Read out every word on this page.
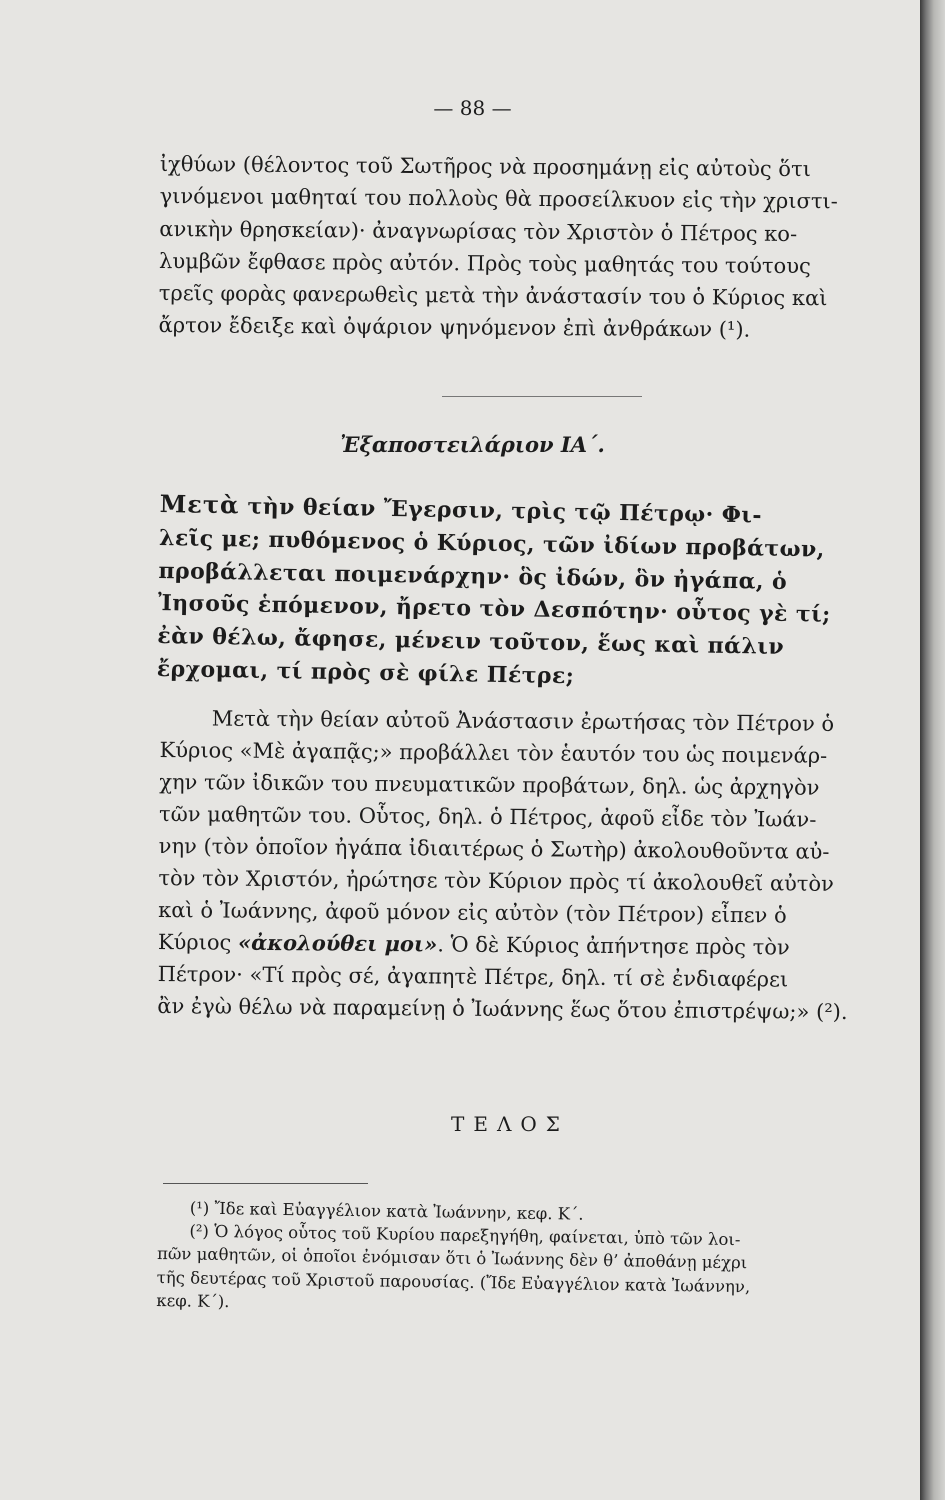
— 88 —
ἰχθύων (θέλοντος τοῦ Σωτῆρος νὰ προσημάνῃ εἰς αὐτοὺς ὅτι
γινόμενοι μαθηταί του πολλοὺς θὰ προσείλκυον εἰς τὴν χριστι-
ανικὴν θρησκείαν)· ἀναγνωρίσας τὸν Χριστὸν ὁ Πέτρος κο-
λυμβῶν ἔφθασε πρὸς αὐτόν. Πρὸς τοὺς μαθητάς του τούτους
τρεῖς φορὰς φανερωθεὶς μετὰ τὴν ἀνάστασίν του ὁ Κύριος καὶ
ἄρτον ἔδειξε καὶ ὀψάριον ψηνόμενον ἐπὶ ἀνθράκων (¹).
Ἐξαποστειλάριον ΙΑ΄.
Μετὰ τὴν θείαν Ἔγερσιν, τρὶς τῷ Πέτρῳ· Φι-
λεῖς με; πυθόμενος ὁ Κύριος, τῶν ἰδίων προβάτων,
προβάλλεται ποιμενάρχην· ὃς ἰδών, ὃν ἠγάπα, ὁ
Ἰησοῦς ἑπόμενον, ἤρετο τὸν Δεσπότην· οὗτος γὲ τί;
ἐὰν θέλω, ἄφησε, μένειν τοῦτον, ἕως καὶ πάλιν
ἔρχομαι, τί πρὸς σὲ φίλε Πέτρε;
Μετὰ τὴν θείαν αὐτοῦ Ἀνάστασιν ἐρωτήσας τὸν Πέτρον ὁ
Κύριος «Μὲ ἀγαπᾷς;» προβάλλει τὸν ἑαυτόν του ὡς ποιμενάρ-
χην τῶν ἰδικῶν του πνευματικῶν προβάτων, δηλ. ὡς ἀρχηγὸν
τῶν μαθητῶν του. Οὗτος, δηλ. ὁ Πέτρος, ἀφοῦ εἶδε τὸν Ἰωάν-
νην (τὸν ὁποῖον ἠγάπα ἰδιαιτέρως ὁ Σωτὴρ) ἀκολουθοῦντα αὐ-
τὸν τὸν Χριστόν, ἠρώτησε τὸν Κύριον πρὸς τί ἀκολουθεῖ αὐτὸν
καὶ ὁ Ἰωάννης, ἀφοῦ μόνον εἰς αὐτὸν (τὸν Πέτρον) εἶπεν ὁ
Κύριος «ἀκολούθει μοι». Ὁ δὲ Κύριος ἀπήντησε πρὸς τὸν
Πέτρον· «Τί πρὸς σέ, ἀγαπητὲ Πέτρε, δηλ. τί σὲ ἐνδιαφέρει
ἂν ἐγὼ θέλω νὰ παραμείνῃ ὁ Ἰωάννης ἕως ὅτου ἐπιστρέψω;» (²).
ΤΕΛΟΣ
(¹) Ἴδε καὶ Εὐαγγέλιον κατὰ Ἰωάννην, κεφ. Κ΄.
(²) Ὁ λόγος οὗτος τοῦ Κυρίου παρεξηγήθη, φαίνεται, ὑπὸ τῶν λοι-
πῶν μαθητῶν, οἱ ὁποῖοι ἐνόμισαν ὅτι ὁ Ἰωάννης δὲν θ’ ἀποθάνῃ μέχρι
τῆς δευτέρας τοῦ Χριστοῦ παρουσίας. (Ἴδε Εὐαγγέλιον κατὰ Ἰωάννην,
κεφ. Κ΄).
